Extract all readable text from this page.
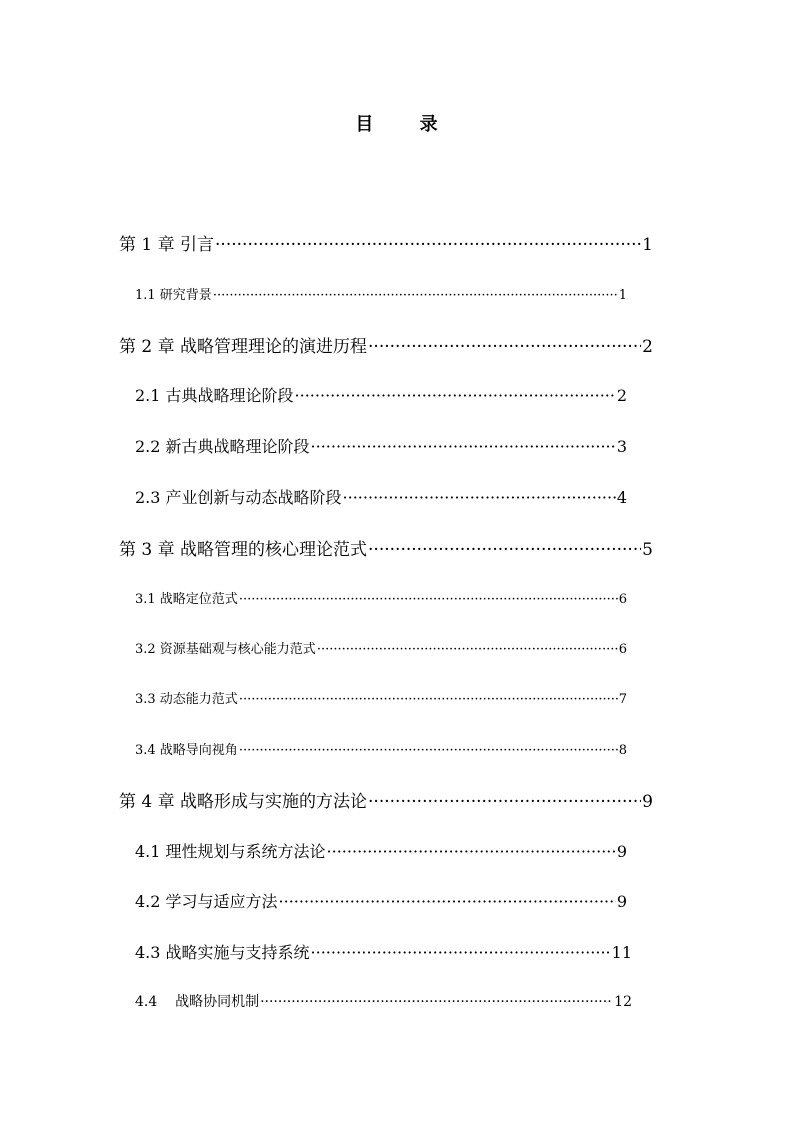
目 录
第 1 章 引言 ·····	1
1.1 研究背景 ·····	1
第 2 章 战略管理理论的演进历程 ·····	2
2.1 古典战略理论阶段 ·····	2
2.2 新古典战略理论阶段 ·····	3
2.3 产业创新与动态战略阶段 ·····	4
第 3 章 战略管理的核心理论范式 ·····	5
3.1 战略定位范式 ·····	6
3.2 资源基础观与核心能力范式 ·····	6
3.3 动态能力范式 ·····	7
3.4 战略导向视角 ·····	8
第 4 章 战略形成与实施的方法论 ·····	9
4.1 理性规划与系统方法论 ·····	9
4.2 学习与适应方法 ·····	9
4.3 战略实施与支持系统 ·····	11
4.4    战略协同机制 ·····	12
